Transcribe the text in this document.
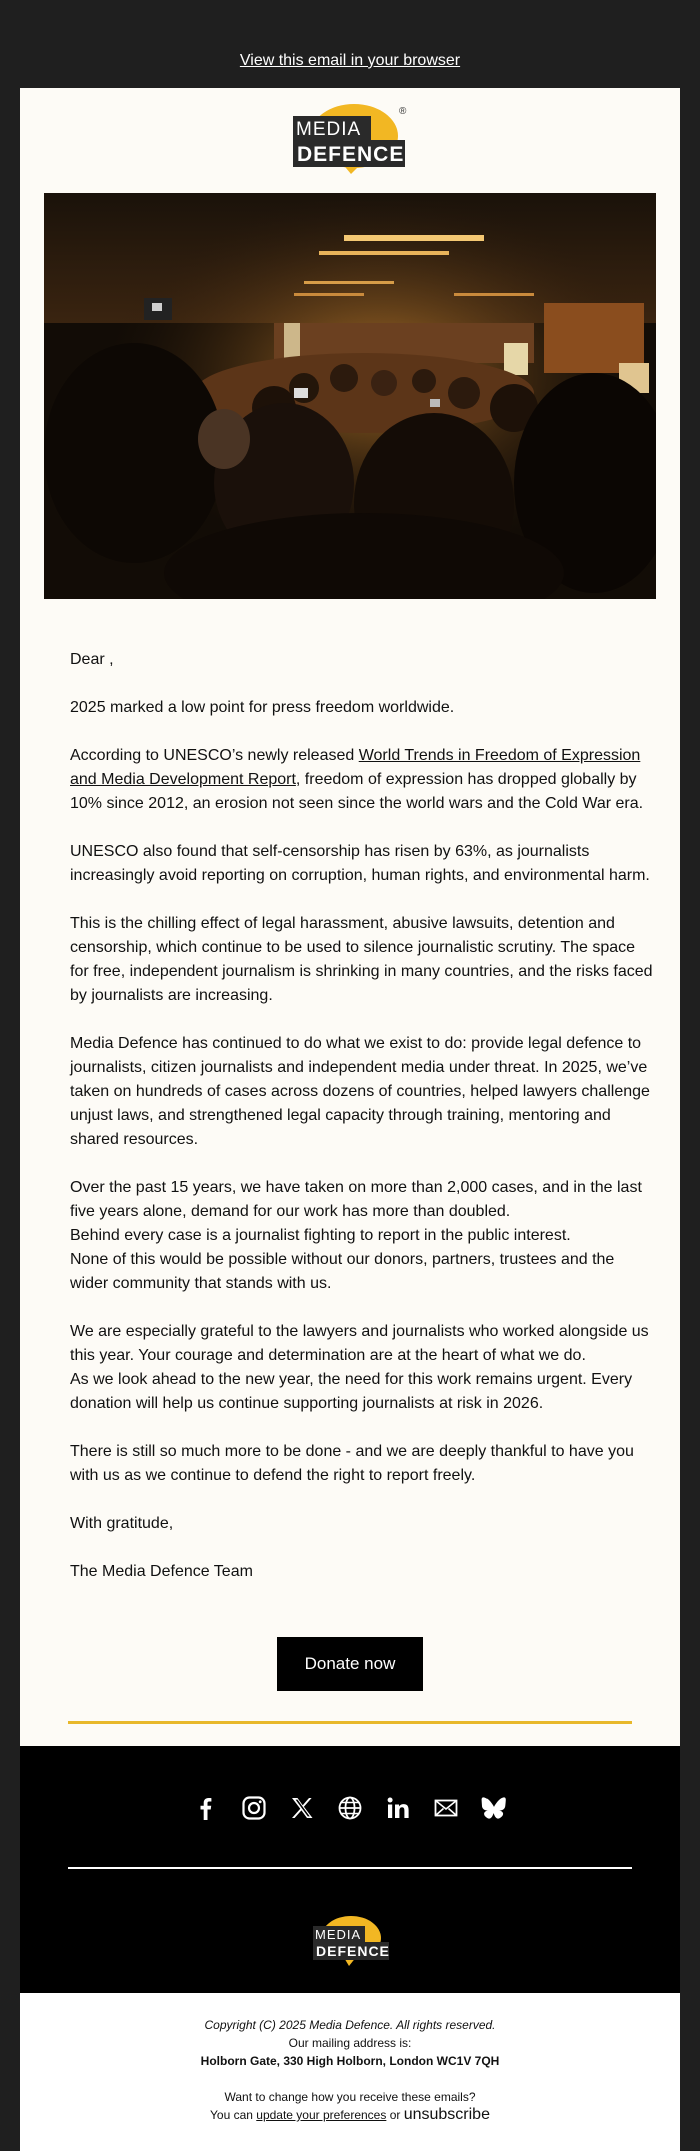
View this email in your browser
MEDIA
DEFENCE
®

Dear ,

2025 marked a low point for press freedom worldwide.

According to UNESCO’s newly released World Trends in Freedom of Expression and Media Development Report, freedom of expression has dropped globally by 10% since 2012, an erosion not seen since the world wars and the Cold War era.

UNESCO also found that self-censorship has risen by 63%, as journalists increasingly avoid reporting on corruption, human rights, and environmental harm.

This is the chilling effect of legal harassment, abusive lawsuits, detention and censorship, which continue to be used to silence journalistic scrutiny. The space for free, independent journalism is shrinking in many countries, and the risks faced by journalists are increasing.

Media Defence has continued to do what we exist to do: provide legal defence to journalists, citizen journalists and independent media under threat. In 2025, we’ve taken on hundreds of cases across dozens of countries, helped lawyers challenge unjust laws, and strengthened legal capacity through training, mentoring and shared resources.

Over the past 15 years, we have taken on more than 2,000 cases, and in the last five years alone, demand for our work has more than doubled.

Behind every case is a journalist fighting to report in the public interest.

None of this would be possible without our donors, partners, trustees and the wider community that stands with us.

We are especially grateful to the lawyers and journalists who worked alongside us this year. Your courage and determination are at the heart of what we do.

As we look ahead to the new year, the need for this work remains urgent. Every donation will help us continue supporting journalists at risk in 2026.

There is still so much more to be done - and we are deeply thankful to have you with us as we continue to defend the right to report freely.

With gratitude,

The Media Defence Team

Donate now
MEDIA
DEFENCE
Copyright (C) 2025 Media Defence. All rights reserved.
Our mailing address is:
Holborn Gate, 330 High Holborn, London WC1V 7QH
Want to change how you receive these emails?
You can update your preferences or unsubscribe
